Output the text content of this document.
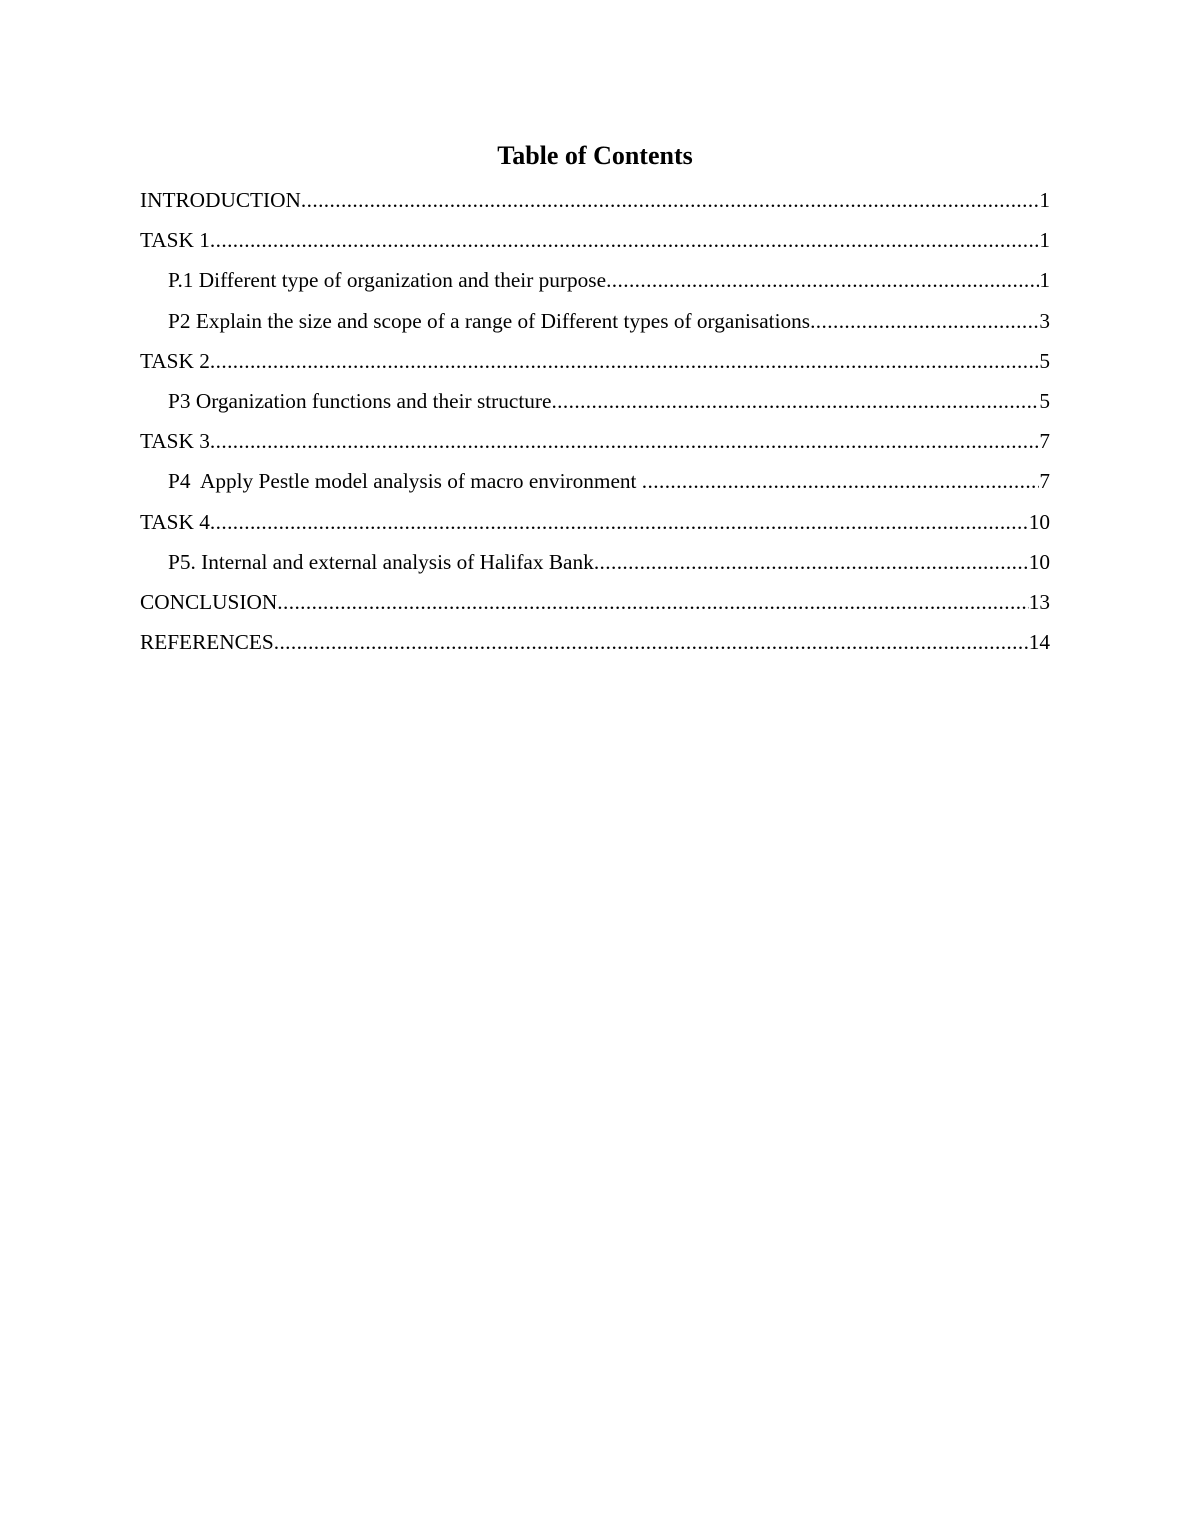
Table of Contents
INTRODUCTION .....	1
TASK 1 .....	1
P.1 Different type of organization and their purpose .....	1
P2 Explain the size and scope of a range of Different types of organisations .....	3
TASK 2 .....	5
P3 Organization functions and their structure .....	5
TASK 3 .....	7
P4  Apply Pestle model analysis of macro environment .....	7
TASK 4 .....	10
P5. Internal and external analysis of Halifax Bank .....	10
CONCLUSION .....	13
REFERENCES .....	14
